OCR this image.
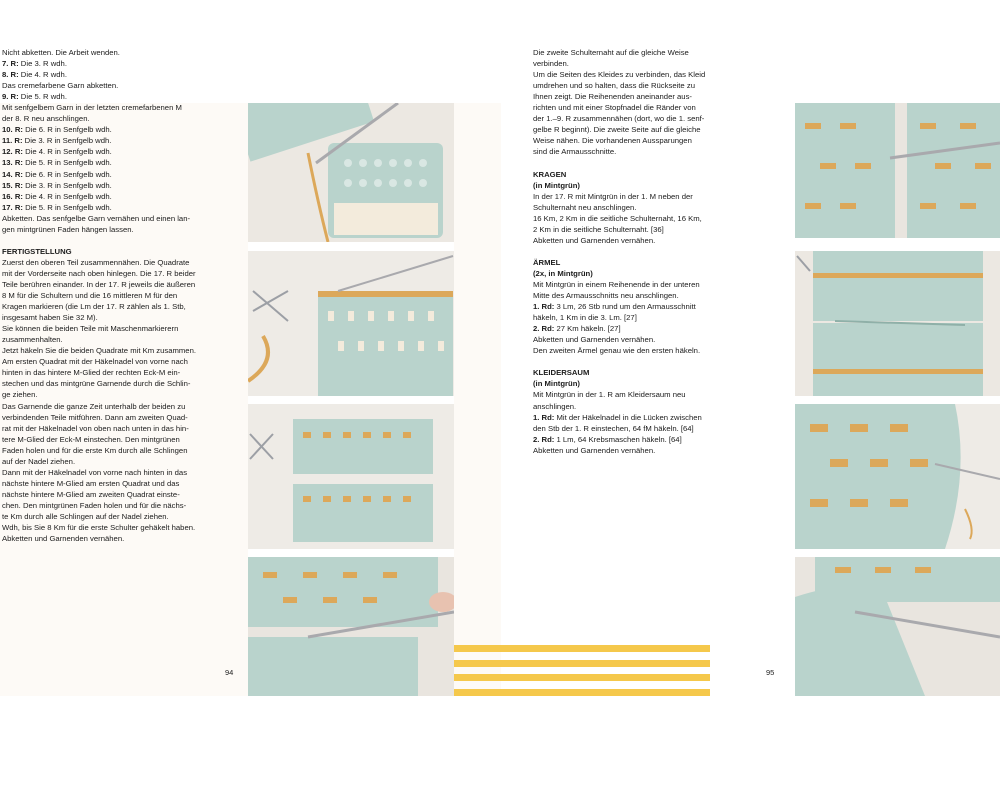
Nicht abketten. Die Arbeit wenden.
7. R: Die 3. R wdh.
8. R: Die 4. R wdh.
Das cremefarbene Garn abketten.
9. R: Die 5. R wdh.
Mit senfgelbem Garn in der letzten cremefarbenen M
der 8. R neu anschlingen.
10. R: Die 6. R in Senfgelb wdh.
11. R: Die 3. R in Senfgelb wdh.
12. R: Die 4. R in Senfgelb wdh.
13. R: Die 5. R in Senfgelb wdh.
14. R: Die 6. R in Senfgelb wdh.
15. R: Die 3. R in Senfgelb wdh.
16. R: Die 4. R in Senfgelb wdh.
17. R: Die 5. R in Senfgelb wdh.
Abketten. Das senfgelbe Garn vernähen und einen lan-
gen mintgrünen Faden hängen lassen.
FERTIGSTELLUNG
Zuerst den oberen Teil zusammennähen. Die Quadrate
mit der Vorderseite nach oben hinlegen. Die 17. R beider
Teile berühren einander. In der 17. R jeweils die äußeren
8 M für die Schultern und die 16 mittleren M für den
Kragen markieren (die Lm der 17. R zählen als 1. Stb,
insgesamt haben Sie 32 M).
Sie können die beiden Teile mit Maschenmarkierern
zusammenhalten.
Jetzt häkeln Sie die beiden Quadrate mit Km zusammen.
Am ersten Quadrat mit der Häkelnadel von vorne nach
hinten in das hintere M-Glied der rechten Eck-M ein-
stechen und das mintgrüne Garnende durch die Schlin-
ge ziehen.
Das Garnende die ganze Zeit unterhalb der beiden zu
verbindenden Teile mitführen. Dann am zweiten Quad-
rat mit der Häkelnadel von oben nach unten in das hin-
tere M-Glied der Eck-M einstechen. Den mintgrünen
Faden holen und für die erste Km durch alle Schlingen
auf der Nadel ziehen.
Dann mit der Häkelnadel von vorne nach hinten in das
nächste hintere M-Glied am ersten Quadrat und das
nächste hintere M-Glied am zweiten Quadrat einste-
chen. Den mintgrünen Faden holen und für die nächs-
te Km durch alle Schlingen auf der Nadel ziehen.
Wdh, bis Sie 8 Km für die erste Schulter gehäkelt haben.
Abketten und Garnenden vernähen.
94
Die zweite Schulternaht auf die gleiche Weise
verbinden.
Um die Seiten des Kleides zu verbinden, das Kleid
umdrehen und so halten, dass die Rückseite zu
Ihnen zeigt. Die Reihenenden aneinander aus-
richten und mit einer Stopfnadel die Ränder von
der 1.–9. R zusammennähen (dort, wo die 1. senf-
gelbe R beginnt). Die zweite Seite auf die gleiche
Weise nähen. Die vorhandenen Aussparungen
sind die Armausschnitte.
KRAGEN
(in Mintgrün)
In der 17. R mit Mintgrün in der 1. M neben der
Schulternaht neu anschlingen.
16 Km, 2 Km in die seitliche Schulternaht, 16 Km,
2 Km in die seitliche Schulternaht. [36]
Abketten und Garnenden vernähen.
ÄRMEL
(2x, in Mintgrün)
Mit Mintgrün in einem Reihenende in der unteren
Mitte des Armausschnitts neu anschlingen.
1. Rd: 3 Lm, 26 Stb rund um den Armausschnitt
häkeln, 1 Km in die 3. Lm. [27]
2. Rd: 27 Km häkeln. [27]
Abketten und Garnenden vernähen.
Den zweiten Ärmel genau wie den ersten häkeln.
KLEIDERSAUM
(in Mintgrün)
Mit Mintgrün in der 1. R am Kleidersaum neu
anschlingen.
1. Rd: Mit der Häkelnadel in die Lücken zwischen
den Stb der 1. R einstechen, 64 fM häkeln. [64]
2. Rd: 1 Lm, 64 Krebsmaschen häkeln. [64]
Abketten und Garnenden vernähen.
95
